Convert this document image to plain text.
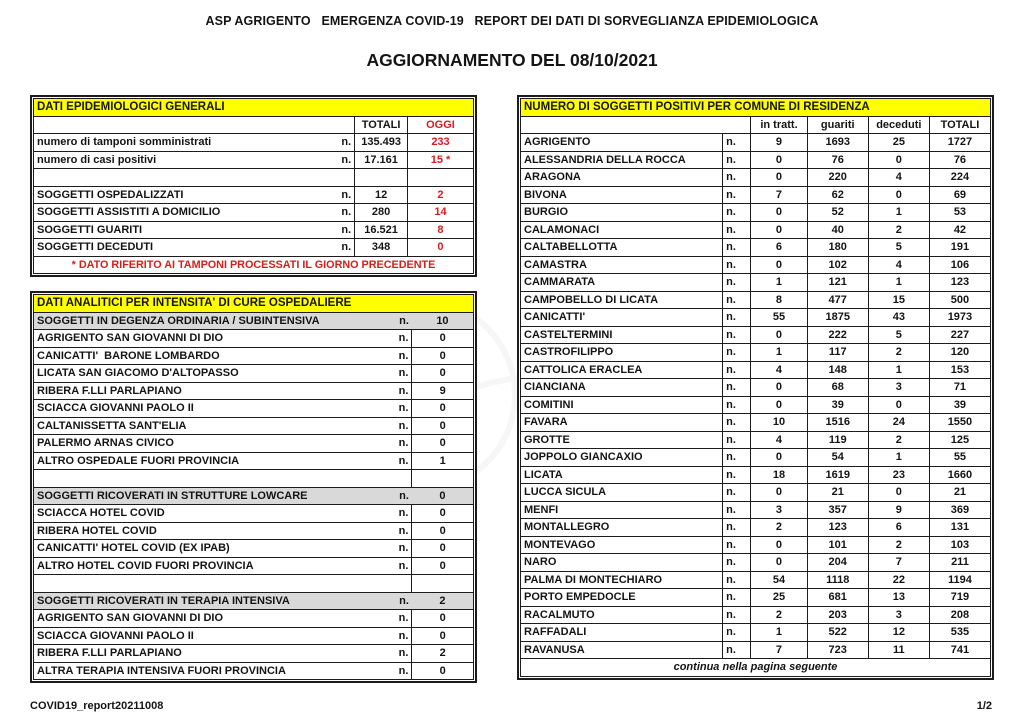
ASP AGRIGENTO   EMERGENZA COVID-19   REPORT DEI DATI DI SORVEGLIANZA EPIDEMIOLOGICA
AGGIORNAMENTO DEL 08/10/2021
DATI EPIDEMIOLOGICI GENERALI		
	TOTALI	OGGI

numero di tamponi somministrati n.	135.493	233

numero di casi positivi n.	17.161	15 *

SOGGETTI OSPEDALIZZATI n.	12	2

SOGGETTI ASSISTITI A DOMICILIO n.	280	14

SOGGETTI GUARITI n.	16.521	8

SOGGETTI DECEDUTI n.	348	0
* DATO RIFERITO AI TAMPONI PROCESSATI IL GIORNO PRECEDENTE		
DATI ANALITICI PER INTENSITA' DI CURE OSPEDALIERE	

SOGGETTI IN DEGENZA ORDINARIA / SUBINTENSIVA n.	10

AGRIGENTO SAN GIOVANNI DI DIO n.	0

CANICATTI'  BARONE LOMBARDO n.	0

LICATA SAN GIACOMO D'ALTOPASSO n.	0

RIBERA F.LLI PARLAPIANO n.	9

SCIACCA GIOVANNI PAOLO II n.	0

CALTANISSETTA SANT'ELIA n.	0

PALERMO ARNAS CIVICO n.	0

ALTRO OSPEDALE FUORI PROVINCIA n.	1

SOGGETTI RICOVERATI IN STRUTTURE LOWCARE n.	0

SCIACCA HOTEL COVID n.	0

RIBERA HOTEL COVID n.	0

CANICATTI' HOTEL COVID (EX IPAB) n.	0

ALTRO HOTEL COVID FUORI PROVINCIA n.	0

SOGGETTI RICOVERATI IN TERAPIA INTENSIVA n.	2

AGRIGENTO SAN GIOVANNI DI DIO n.	0

SCIACCA GIOVANNI PAOLO II n.	0

RIBERA F.LLI PARLAPIANO n.	2

ALTRA TERAPIA INTENSIVA FUORI PROVINCIA n.	0
NUMERO DI SOGGETTI POSITIVI PER COMUNE DI RESIDENZA					
		in tratt.	guariti	deceduti	TOTALI
AGRIGENTO	n.	9	1693	25	1727
ALESSANDRIA DELLA ROCCA	n.	0	76	0	76
ARAGONA	n.	0	220	4	224
BIVONA	n.	7	62	0	69
BURGIO	n.	0	52	1	53
CALAMONACI	n.	0	40	2	42
CALTABELLOTTA	n.	6	180	5	191
CAMASTRA	n.	0	102	4	106
CAMMARATA	n.	1	121	1	123
CAMPOBELLO DI LICATA	n.	8	477	15	500
CANICATTI'	n.	55	1875	43	1973
CASTELTERMINI	n.	0	222	5	227
CASTROFILIPPO	n.	1	117	2	120
CATTOLICA ERACLEA	n.	4	148	1	153
CIANCIANA	n.	0	68	3	71
COMITINI	n.	0	39	0	39
FAVARA	n.	10	1516	24	1550
GROTTE	n.	4	119	2	125
JOPPOLO GIANCAXIO	n.	0	54	1	55
LICATA	n.	18	1619	23	1660
LUCCA SICULA	n.	0	21	0	21
MENFI	n.	3	357	9	369
MONTALLEGRO	n.	2	123	6	131
MONTEVAGO	n.	0	101	2	103
NARO	n.	0	204	7	211
PALMA DI MONTECHIARO	n.	54	1118	22	1194
PORTO EMPEDOCLE	n.	25	681	13	719
RACALMUTO	n.	2	203	3	208
RAFFADALI	n.	1	522	12	535
RAVANUSA	n.	7	723	11	741
continua nella pagina seguente					
COVID19_report20211008	1/2
